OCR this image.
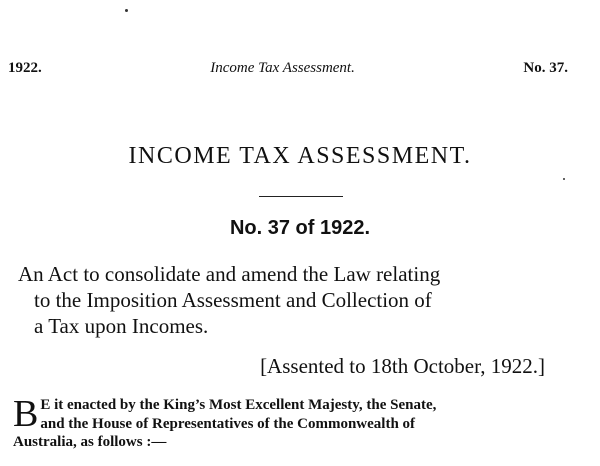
1922.	Income Tax Assessment.	No. 37.
INCOME TAX ASSESSMENT.
No. 37 of 1922.
An Act to consolidate and amend the Law relating
to the Imposition Assessment and Collection of
a Tax upon Incomes.
[Assented to 18th October, 1922.]
B E it enacted by the King’s Most Excellent Majesty, the Senate,
and the House of Representatives of the Commonwealth of
Australia, as follows :—
